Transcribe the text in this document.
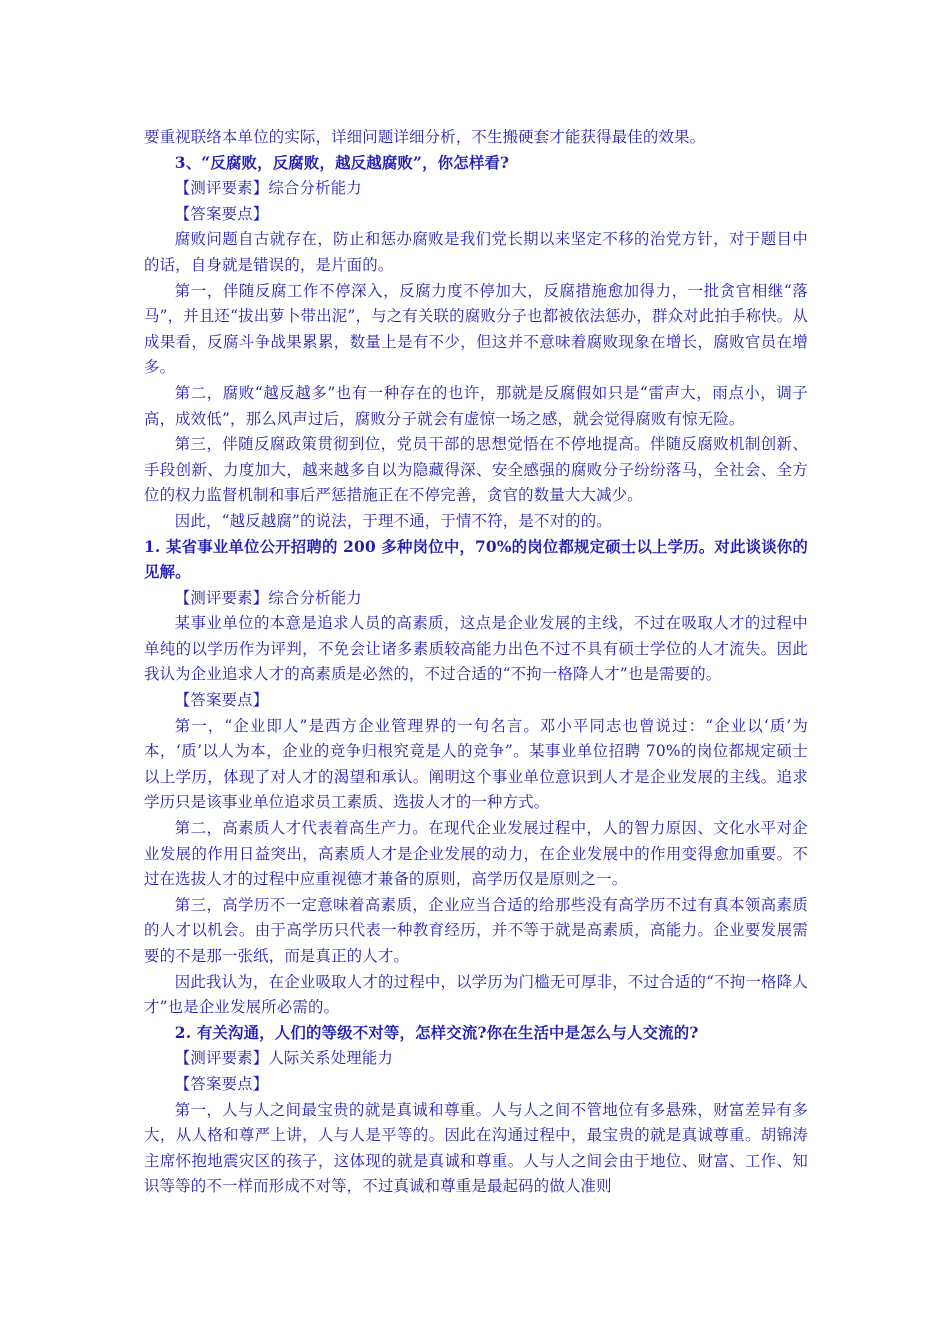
要重视联络本单位的实际，详细问题详细分析，不生搬硬套才能获得最佳的效果。

3、“反腐败，反腐败，越反越腐败”，你怎样看?

【测评要素】综合分析能力

【答案要点】

腐败问题自古就存在，防止和惩办腐败是我们党长期以来坚定不移的治党方针，对于题目中的话，自身就是错误的，是片面的。

第一，伴随反腐工作不停深入，反腐力度不停加大，反腐措施愈加得力，一批贪官相继“落马”，并且还“拔出萝卜带出泥”，与之有关联的腐败分子也都被依法惩办，群众对此拍手称快。从成果看，反腐斗争战果累累，数量上是有不少，但这并不意味着腐败现象在增长，腐败官员在增多。

第二，腐败“越反越多”也有一种存在的也许，那就是反腐假如只是“雷声大，雨点小，调子高，成效低”，那么风声过后，腐败分子就会有虚惊一场之感，就会觉得腐败有惊无险。

第三，伴随反腐政策贯彻到位，党员干部的思想觉悟在不停地提高。伴随反腐败机制创新、手段创新、力度加大，越来越多自以为隐藏得深、安全感强的腐败分子纷纷落马，全社会、全方位的权力监督机制和事后严惩措施正在不停完善，贪官的数量大大减少。

因此，“越反越腐”的说法，于理不通，于情不符，是不对的的。

1. 某省事业单位公开招聘的 200 多种岗位中，70%的岗位都规定硕士以上学历。对此谈谈你的见解。

【测评要素】综合分析能力

某事业单位的本意是追求人员的高素质，这点是企业发展的主线，不过在吸取人才的过程中单纯的以学历作为评判，不免会让诸多素质较高能力出色不过不具有硕士学位的人才流失。因此我认为企业追求人才的高素质是必然的，不过合适的“不拘一格降人才”也是需要的。

【答案要点】

第一，“企业即人”是西方企业管理界的一句名言。邓小平同志也曾说过：“企业以‘质’为本，‘质’以人为本，企业的竞争归根究竟是人的竞争”。某事业单位招聘 70%的岗位都规定硕士以上学历，体现了对人才的渴望和承认。阐明这个事业单位意识到人才是企业发展的主线。追求学历只是该事业单位追求员工素质、选拔人才的一种方式。

第二，高素质人才代表着高生产力。在现代企业发展过程中，人的智力原因、文化水平对企业发展的作用日益突出，高素质人才是企业发展的动力，在企业发展中的作用变得愈加重要。不过在选拔人才的过程中应重视德才兼备的原则，高学历仅是原则之一。

第三，高学历不一定意味着高素质，企业应当合适的给那些没有高学历不过有真本领高素质的人才以机会。由于高学历只代表一种教育经历，并不等于就是高素质，高能力。企业要发展需要的不是那一张纸，而是真正的人才。

因此我认为，在企业吸取人才的过程中，以学历为门槛无可厚非，不过合适的“不拘一格降人才”也是企业发展所必需的。

2. 有关沟通，人们的等级不对等，怎样交流?你在生活中是怎么与人交流的?

【测评要素】人际关系处理能力

【答案要点】

第一，人与人之间最宝贵的就是真诚和尊重。人与人之间不管地位有多悬殊，财富差异有多大，从人格和尊严上讲，人与人是平等的。因此在沟通过程中，最宝贵的就是真诚尊重。胡锦涛主席怀抱地震灾区的孩子，这体现的就是真诚和尊重。人与人之间会由于地位、财富、工作、知识等等的不一样而形成不对等，不过真诚和尊重是最起码的做人准则
